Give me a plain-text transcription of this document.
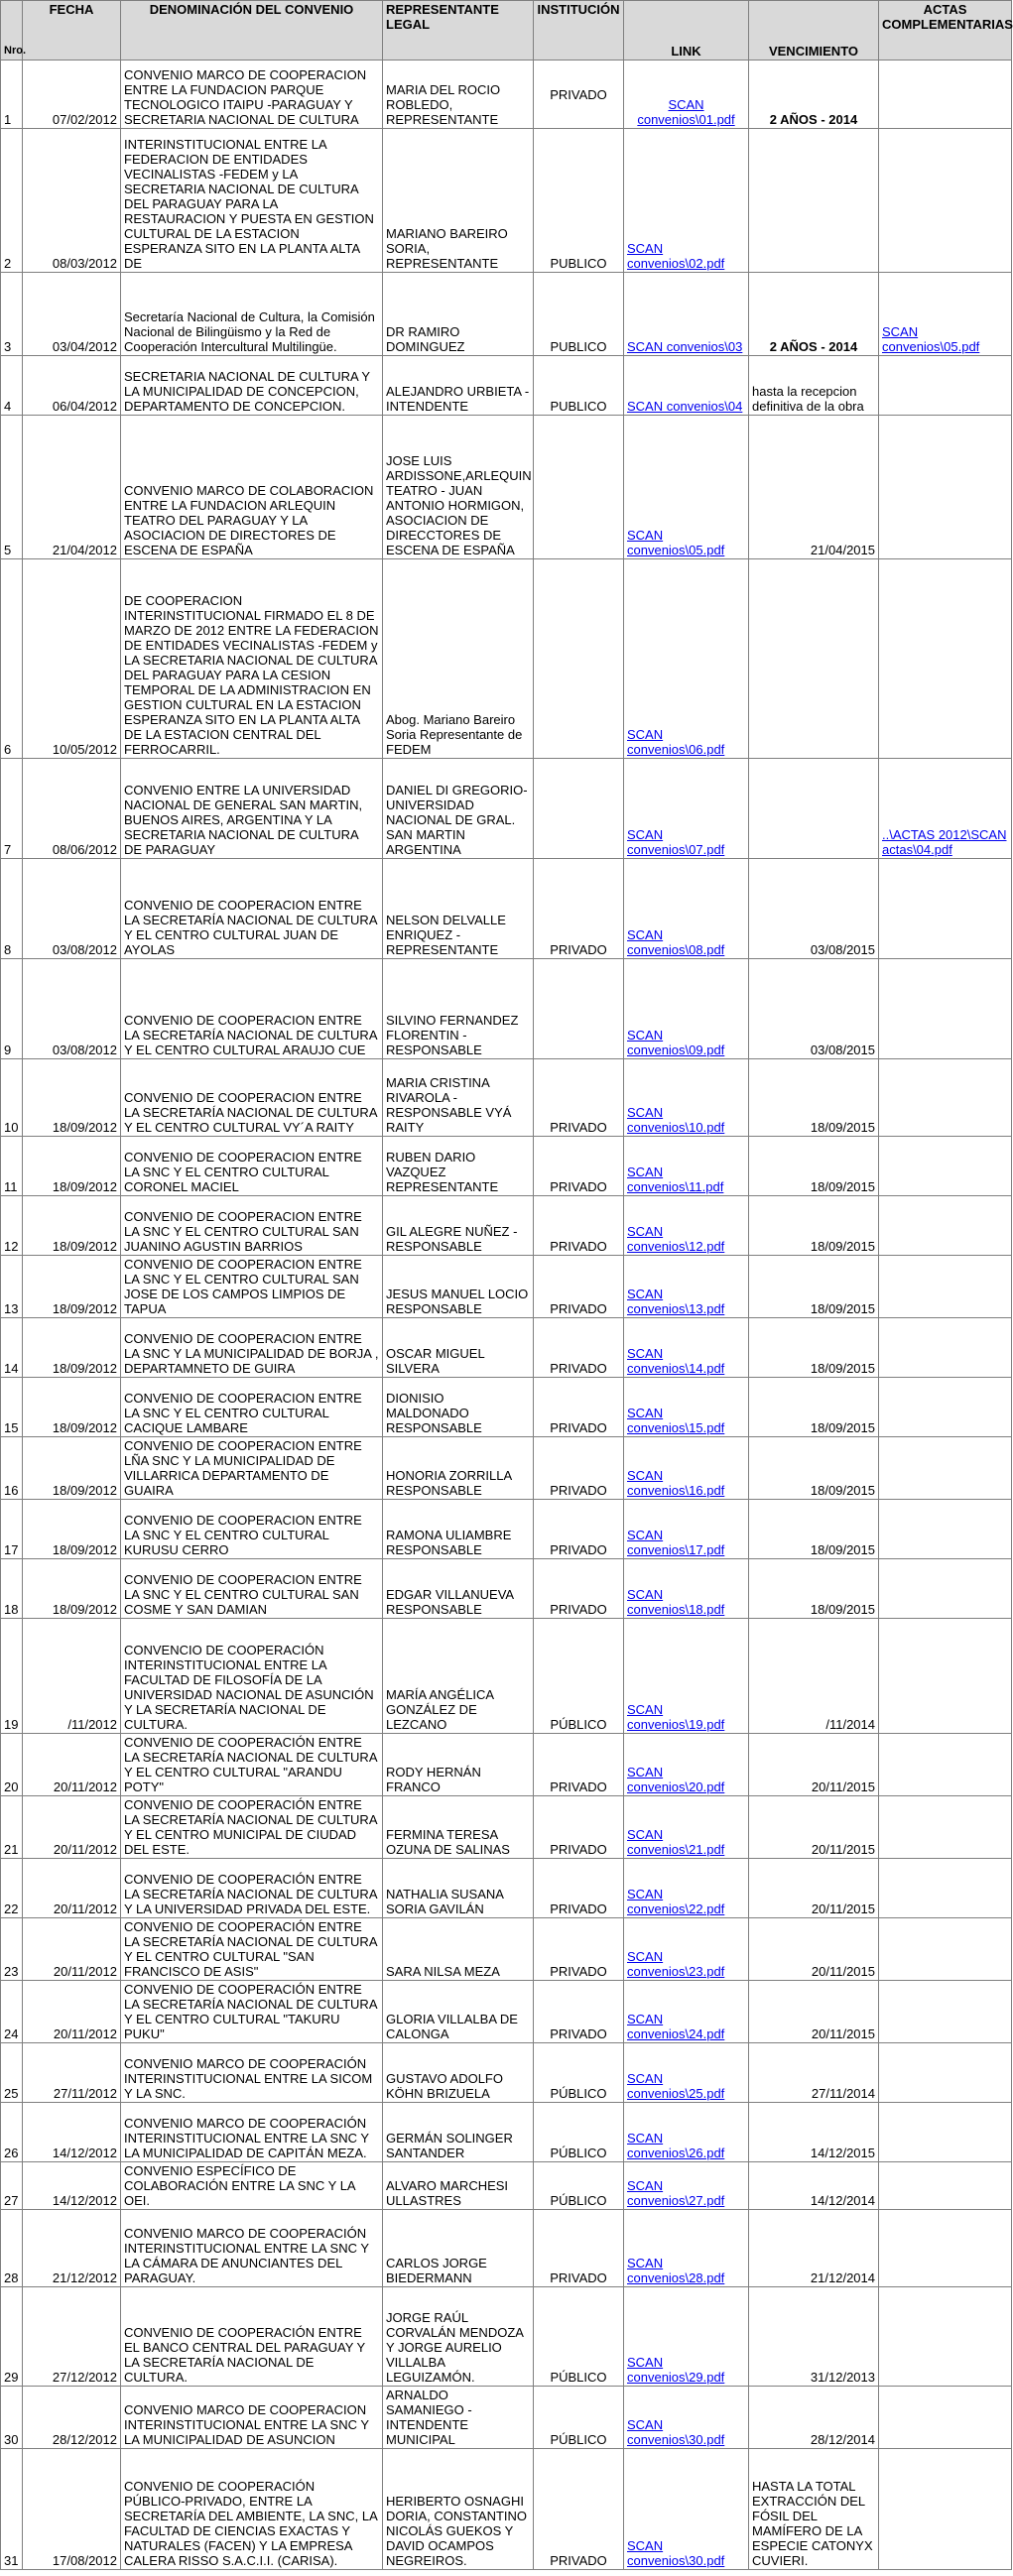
Nro.	FECHA	DENOMINACIÓN DEL CONVENIO	REPRESENTANTE LEGAL	INSTITUCIÓN	LINK	VENCIMIENTO	ACTAS COMPLEMENTARIAS
1	07/02/2012	CONVENIO MARCO DE COOPERACION ENTRE LA FUNDACION PARQUE TECNOLOGICO ITAIPU -PARAGUAY Y SECRETARIA NACIONAL DE CULTURA	MARIA DEL ROCIO ROBLEDO, REPRESENTANTE	PRIVADO	SCAN convenios\01.pdf	2 AÑOS - 2014	
2	08/03/2012	INTERINSTITUCIONAL ENTRE LA FEDERACION DE ENTIDADES VECINALISTAS -FEDEM y LA SECRETARIA NACIONAL DE CULTURA DEL PARAGUAY PARA LA RESTAURACION Y PUESTA EN GESTION CULTURAL DE LA ESTACION ESPERANZA SITO EN LA PLANTA ALTA DE	MARIANO BAREIRO SORIA, REPRESENTANTE	PUBLICO	SCAN convenios\02.pdf		
3	03/04/2012	Secretaría Nacional de Cultura, la Comisión Nacional de Bilingüismo y la Red de Cooperación Intercultural Multilingüe.	DR RAMIRO DOMINGUEZ	PUBLICO	SCAN convenios\03	2 AÑOS - 2014	SCAN convenios\05.pdf
4	06/04/2012	SECRETARIA NACIONAL DE CULTURA Y LA MUNICIPALIDAD DE CONCEPCION, DEPARTAMENTO DE CONCEPCION.	ALEJANDRO URBIETA - INTENDENTE	PUBLICO	SCAN convenios\04	hasta la recepcion definitiva de la obra	
5	21/04/2012	CONVENIO MARCO DE COLABORACION ENTRE LA FUNDACION ARLEQUIN TEATRO DEL PARAGUAY Y LA ASOCIACION DE DIRECTORES DE ESCENA DE ESPAÑA	JOSE LUIS ARDISSONE,ARLEQUIN TEATRO - JUAN ANTONIO HORMIGON, ASOCIACION DE DIRECCTORES DE ESCENA DE ESPAÑA		SCAN convenios\05.pdf	21/04/2015	
6	10/05/2012	DE COOPERACION INTERINSTITUCIONAL FIRMADO EL 8 DE MARZO DE 2012 ENTRE LA FEDERACION DE ENTIDADES VECINALISTAS -FEDEM y LA SECRETARIA NACIONAL DE CULTURA DEL PARAGUAY PARA LA CESION TEMPORAL DE LA ADMINISTRACION EN GESTION CULTURAL EN LA ESTACION ESPERANZA SITO EN LA PLANTA ALTA DE LA ESTACION CENTRAL DEL FERROCARRIL.	Abog. Mariano Bareiro Soria Representante de FEDEM		SCAN convenios\06.pdf		
7	08/06/2012	CONVENIO ENTRE LA UNIVERSIDAD NACIONAL DE GENERAL SAN MARTIN, BUENOS AIRES, ARGENTINA Y LA SECRETARIA NACIONAL DE CULTURA DE PARAGUAY	DANIEL DI GREGORIO-UNIVERSIDAD NACIONAL DE GRAL. SAN MARTIN ARGENTINA		SCAN convenios\07.pdf		..\ACTAS 2012\SCAN actas\04.pdf
8	03/08/2012	CONVENIO DE COOPERACION ENTRE LA SECRETARÍA NACIONAL DE CULTURA Y EL CENTRO CULTURAL JUAN DE AYOLAS	NELSON DELVALLE ENRIQUEZ - REPRESENTANTE	PRIVADO	SCAN convenios\08.pdf	03/08/2015	
9	03/08/2012	CONVENIO DE COOPERACION ENTRE LA SECRETARÍA NACIONAL DE CULTURA Y EL CENTRO CULTURAL ARAUJO CUE	SILVINO FERNANDEZ FLORENTIN - RESPONSABLE		SCAN convenios\09.pdf	03/08/2015	
10	18/09/2012	CONVENIO DE COOPERACION ENTRE LA SECRETARÍA NACIONAL DE CULTURA Y EL CENTRO CULTURAL VY´A RAITY	MARIA CRISTINA RIVAROLA - RESPONSABLE VYÁ RAITY	PRIVADO	SCAN convenios\10.pdf	18/09/2015	
11	18/09/2012	CONVENIO DE COOPERACION ENTRE LA SNC Y EL CENTRO CULTURAL CORONEL MACIEL	RUBEN DARIO VAZQUEZ REPRESENTANTE	PRIVADO	SCAN convenios\11.pdf	18/09/2015	
12	18/09/2012	CONVENIO DE COOPERACION ENTRE LA SNC Y EL CENTRO CULTURAL SAN JUANINO AGUSTIN BARRIOS	GIL ALEGRE NUÑEZ - RESPONSABLE	PRIVADO	SCAN convenios\12.pdf	18/09/2015	
13	18/09/2012	CONVENIO DE COOPERACION ENTRE LA SNC Y EL CENTRO CULTURAL SAN JOSE DE LOS CAMPOS LIMPIOS DE TAPUA	JESUS MANUEL LOCIO RESPONSABLE	PRIVADO	SCAN convenios\13.pdf	18/09/2015	
14	18/09/2012	CONVENIO DE COOPERACION ENTRE LA SNC Y LA MUNICIPALIDAD DE BORJA , DEPARTAMNETO DE GUIRA	OSCAR MIGUEL SILVERA	PRIVADO	SCAN convenios\14.pdf	18/09/2015	
15	18/09/2012	CONVENIO DE COOPERACION ENTRE LA SNC Y EL CENTRO CULTURAL CACIQUE LAMBARE	DIONISIO MALDONADO RESPONSABLE	PRIVADO	SCAN convenios\15.pdf	18/09/2015	
16	18/09/2012	CONVENIO DE COOPERACION ENTRE LÑA SNC Y LA MUNICIPALIDAD DE VILLARRICA DEPARTAMENTO DE GUAIRA	HONORIA ZORRILLA RESPONSABLE	PRIVADO	SCAN convenios\16.pdf	18/09/2015	
17	18/09/2012	CONVENIO DE COOPERACION ENTRE LA SNC Y EL CENTRO CULTURAL KURUSU CERRO	RAMONA ULIAMBRE RESPONSABLE	PRIVADO	SCAN convenios\17.pdf	18/09/2015	
18	18/09/2012	CONVENIO DE COOPERACION ENTRE LA SNC Y EL CENTRO CULTURAL SAN COSME Y SAN DAMIAN	EDGAR VILLANUEVA RESPONSABLE	PRIVADO	SCAN convenios\18.pdf	18/09/2015	
19	/11/2012	CONVENCIO DE COOPERACIÓN INTERINSTITUCIONAL ENTRE LA FACULTAD DE FILOSOFÍA DE LA UNIVERSIDAD NACIONAL DE ASUNCIÓN Y LA SECRETARÍA NACIONAL DE CULTURA.	MARÍA ANGÉLICA GONZÁLEZ DE LEZCANO	PÚBLICO	SCAN convenios\19.pdf	/11/2014	
20	20/11/2012	CONVENIO DE COOPERACIÓN ENTRE LA SECRETARÍA NACIONAL DE CULTURA Y EL CENTRO CULTURAL "ARANDU POTY"	RODY HERNÁN FRANCO	PRIVADO	SCAN convenios\20.pdf	20/11/2015	
21	20/11/2012	CONVENIO DE COOPERACIÓN ENTRE LA SECRETARÍA NACIONAL DE CULTURA Y EL CENTRO MUNICIPAL DE CIUDAD DEL ESTE.	FERMINA TERESA OZUNA DE SALINAS	PRIVADO	SCAN convenios\21.pdf	20/11/2015	
22	20/11/2012	CONVENIO DE COOPERACIÓN ENTRE LA SECRETARÍA NACIONAL DE CULTURA Y LA UNIVERSIDAD PRIVADA DEL ESTE.	NATHALIA SUSANA SORIA GAVILÁN	PRIVADO	SCAN convenios\22.pdf	20/11/2015	
23	20/11/2012	CONVENIO DE COOPERACIÓN ENTRE LA SECRETARÍA NACIONAL DE CULTURA Y EL CENTRO CULTURAL "SAN FRANCISCO DE ASIS"	SARA NILSA MEZA	PRIVADO	SCAN convenios\23.pdf	20/11/2015	
24	20/11/2012	CONVENIO DE COOPERACIÓN ENTRE LA SECRETARÍA NACIONAL DE CULTURA Y EL CENTRO CULTURAL "TAKURU PUKU"	GLORIA VILLALBA DE CALONGA	PRIVADO	SCAN convenios\24.pdf	20/11/2015	
25	27/11/2012	CONVENIO MARCO DE COOPERACIÓN INTERINSTITUCIONAL ENTRE LA SICOM Y LA SNC.	GUSTAVO ADOLFO KÖHN BRIZUELA	PÚBLICO	SCAN convenios\25.pdf	27/11/2014	
26	14/12/2012	CONVENIO MARCO DE COOPERACIÓN INTERINSTITUCIONAL ENTRE LA SNC Y LA MUNICIPALIDAD DE CAPITÁN MEZA.	GERMÁN SOLINGER SANTANDER	PÚBLICO	SCAN convenios\26.pdf	14/12/2015	
27	14/12/2012	CONVENIO ESPECÍFICO DE COLABORACIÓN ENTRE LA SNC Y LA OEI.	ALVARO MARCHESI ULLASTRES	PÚBLICO	SCAN convenios\27.pdf	14/12/2014	
28	21/12/2012	CONVENIO MARCO DE COOPERACIÓN INTERINSTITUCIONAL ENTRE LA SNC Y LA CÁMARA DE ANUNCIANTES DEL PARAGUAY.	CARLOS JORGE BIEDERMANN	PRIVADO	SCAN convenios\28.pdf	21/12/2014	
29	27/12/2012	CONVENIO DE COOPERACIÓN ENTRE EL BANCO CENTRAL DEL PARAGUAY Y LA SECRETARÍA NACIONAL DE CULTURA.	JORGE RAÚL CORVALÁN MENDOZA Y JORGE AURELIO VILLALBA LEGUIZAMÓN.	PÚBLICO	SCAN convenios\29.pdf	31/12/2013	
30	28/12/2012	CONVENIO MARCO DE COOPERACION INTERINSTITUCIONAL ENTRE LA SNC Y LA MUNICIPALIDAD DE ASUNCION	ARNALDO SAMANIEGO - INTENDENTE MUNICIPAL	PÚBLICO	SCAN convenios\30.pdf	28/12/2014	
31	17/08/2012	CONVENIO DE COOPERACIÓN PÚBLICO-PRIVADO, ENTRE LA SECRETARÍA DEL AMBIENTE, LA SNC, LA FACULTAD DE CIENCIAS EXACTAS Y NATURALES (FACEN) Y LA EMPRESA CALERA RISSO S.A.C.I.I. (CARISA).	HERIBERTO OSNAGHI DORIA, CONSTANTINO NICOLÁS GUEKOS Y DAVID OCAMPOS NEGREIROS.	PRIVADO	SCAN convenios\30.pdf	HASTA LA TOTAL EXTRACCIÓN DEL FÓSIL DEL MAMÍFERO DE LA ESPECIE CATONYX CUVIERI.	
